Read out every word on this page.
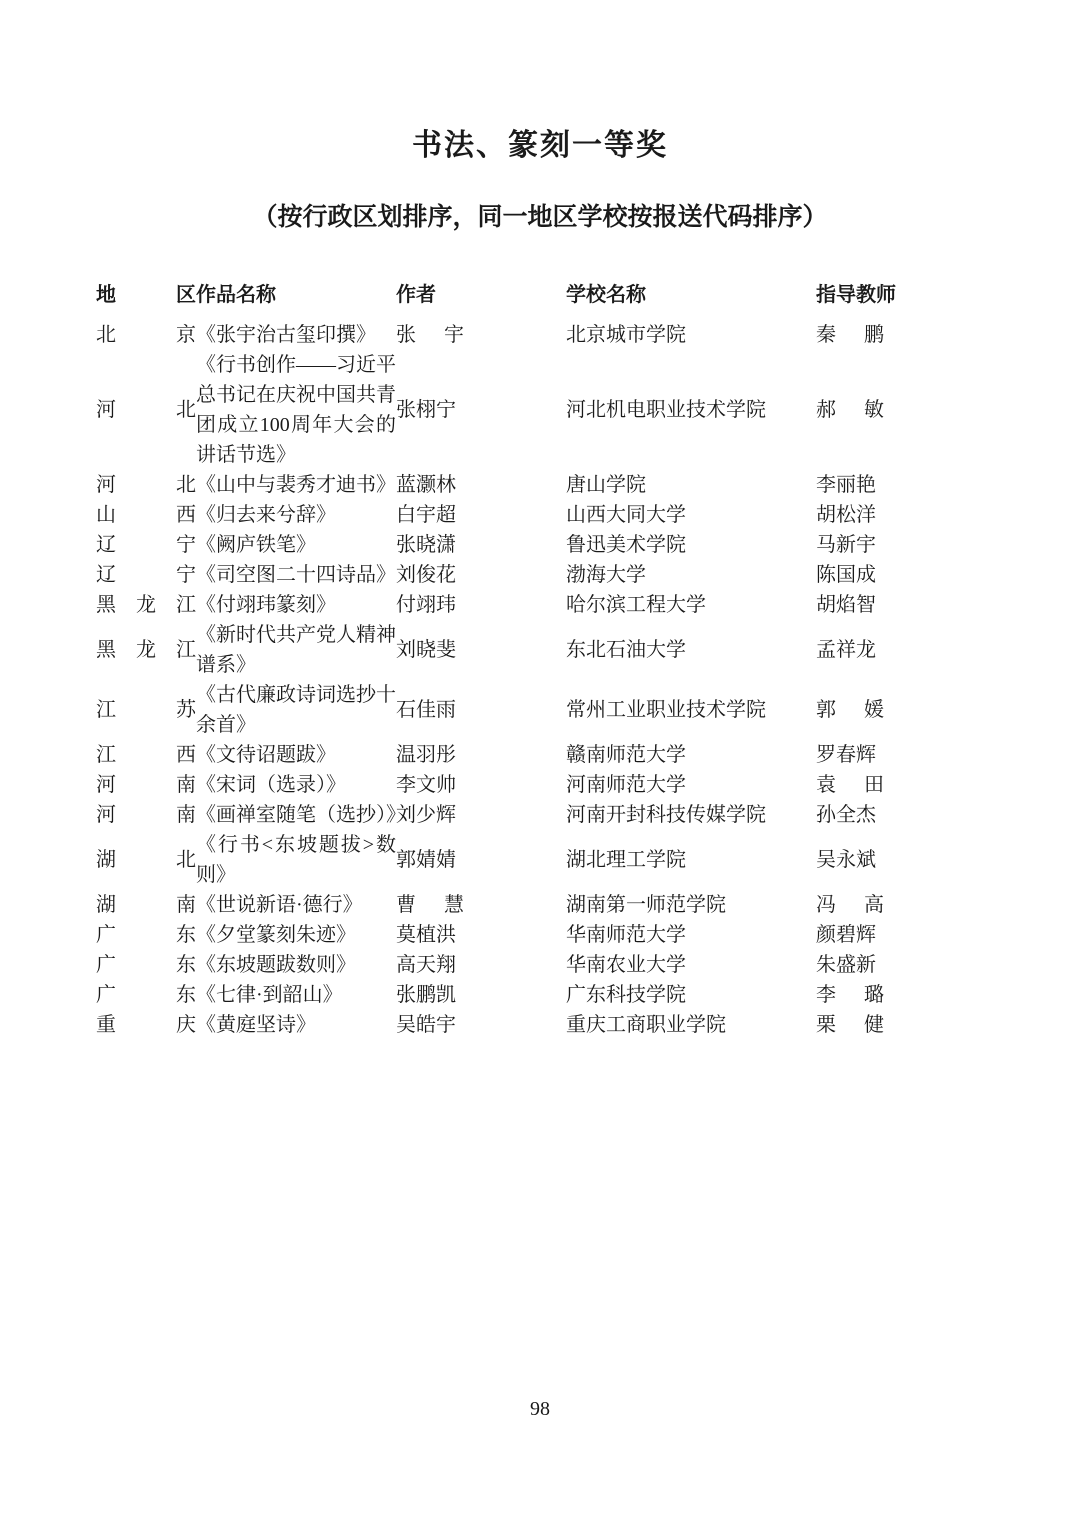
书法、篆刻一等奖
（按行政区划排序，同一地区学校按报送代码排序）
地区	作品名称	作者	学校名称	指导教师
北京	《张宇治古玺印撰》	张宇	北京城市学院	秦鹏
河北	《行书创作——习近平总书记在庆祝中国共青团成立100周年大会的讲话节选》	张栩宁	河北机电职业技术学院	郝敏
河北	《山中与裴秀才迪书》	蓝灏林	唐山学院	李丽艳
山西	《归去来兮辞》	白宇超	山西大同大学	胡松洋
辽宁	《阙庐铁笔》	张晓潇	鲁迅美术学院	马新宇
辽宁	《司空图二十四诗品》	刘俊花	渤海大学	陈国成
黑龙江	《付翊玮篆刻》	付翊玮	哈尔滨工程大学	胡焰智
黑龙江	《新时代共产党人精神谱系》	刘晓斐	东北石油大学	孟祥龙
江苏	《古代廉政诗词选抄十余首》	石佳雨	常州工业职业技术学院	郭媛
江西	《文待诏题跋》	温羽彤	赣南师范大学	罗春辉
河南	《宋词（选录）》	李文帅	河南师范大学	袁田
河南	《画禅室随笔（选抄）》	刘少辉	河南开封科技传媒学院	孙全杰
湖北	《行书<东坡题拔>数则》	郭婧婧	湖北理工学院	吴永斌
湖南	《世说新语·德行》	曹慧	湖南第一师范学院	冯高
广东	《夕堂篆刻朱迹》	莫植洪	华南师范大学	颜碧辉
广东	《东坡题跋数则》	高天翔	华南农业大学	朱盛新
广东	《七律·到韶山》	张鹏凯	广东科技学院	李璐
重庆	《黄庭坚诗》	吴皓宇	重庆工商职业学院	栗健
98
